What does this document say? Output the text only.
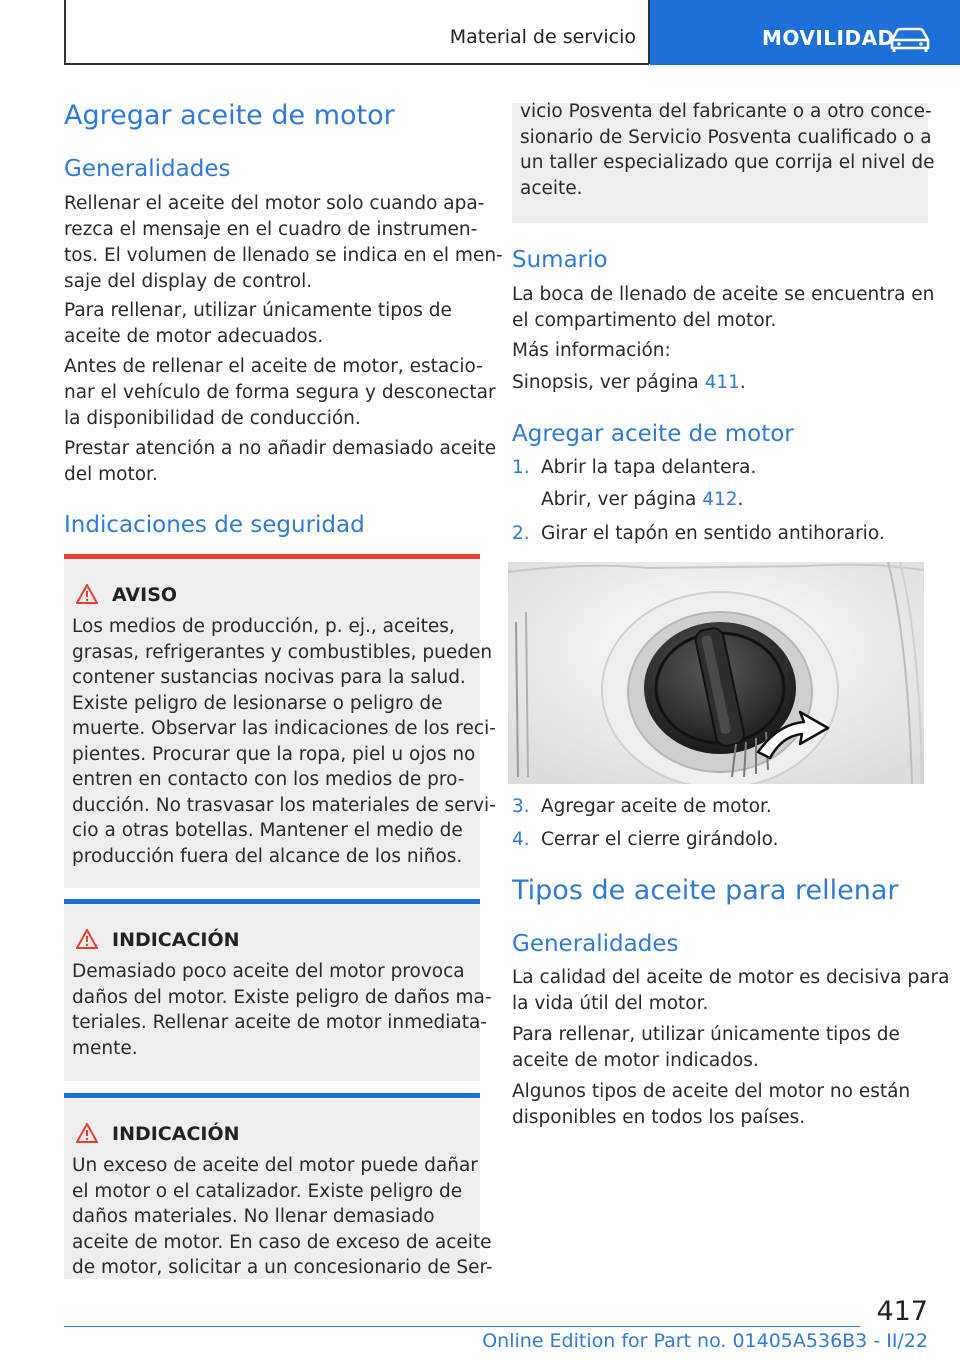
Material de servicio	MOVILIDAD
Agregar aceite de motor
Generalidades
Rellenar el aceite del motor solo cuando apa-
rezca el mensaje en el cuadro de instrumen-
tos. El volumen de llenado se indica en el men-
saje del display de control.
Para rellenar, utilizar únicamente tipos de
aceite de motor adecuados.
Antes de rellenar el aceite de motor, estacio-
nar el vehículo de forma segura y desconectar
la disponibilidad de conducción.
Prestar atención a no añadir demasiado aceite
del motor.
Indicaciones de seguridad
AVISO
Los medios de producción, p. ej., aceites,
grasas, refrigerantes y combustibles, pueden
contener sustancias nocivas para la salud.
Existe peligro de lesionarse o peligro de
muerte. Observar las indicaciones de los reci-
pientes. Procurar que la ropa, piel u ojos no
entren en contacto con los medios de pro-
ducción. No trasvasar los materiales de servi-
cio a otras botellas. Mantener el medio de
producción fuera del alcance de los niños.
INDICACIÓN
Demasiado poco aceite del motor provoca
daños del motor. Existe peligro de daños ma-
teriales. Rellenar aceite de motor inmediata-
mente.
INDICACIÓN
Un exceso de aceite del motor puede dañar
el motor o el catalizador. Existe peligro de
daños materiales. No llenar demasiado
aceite de motor. En caso de exceso de aceite
de motor, solicitar a un concesionario de Ser-
vicio Posventa del fabricante o a otro conce-
sionario de Servicio Posventa cualificado o a
un taller especializado que corrija el nivel de
aceite.
Sumario
La boca de llenado de aceite se encuentra en
el compartimento del motor.
Más información:
Sinopsis, ver página 411.
Agregar aceite de motor
1. Abrir la tapa delantera.
Abrir, ver página 412.
2. Girar el tapón en sentido antihorario.
3. Agregar aceite de motor.
4. Cerrar el cierre girándolo.
Tipos de aceite para rellenar
Generalidades
La calidad del aceite de motor es decisiva para
la vida útil del motor.
Para rellenar, utilizar únicamente tipos de
aceite de motor indicados.
Algunos tipos de aceite del motor no están
disponibles en todos los países.
417
Online Edition for Part no. 01405A536B3 - II/22
